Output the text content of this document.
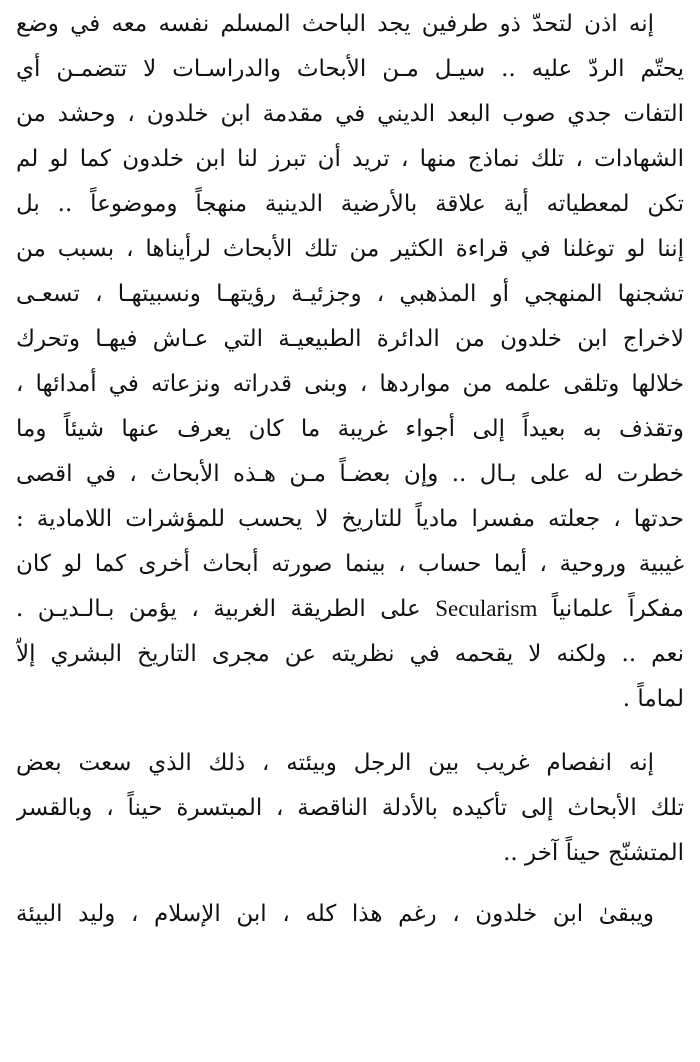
إنه اذن لتحدّ ذو طرفين يجد الباحث المسلم نفسه معه في وضع
يحتّم الردّ عليه .. سيـل مـن الأبحاث والدراسـات لا تتضمـن أي
التفات جدي صوب البعد الديني في مقدمة ابن خلدون ، وحشد من
الشهادات ، تلك نماذج منها ، تريد أن تبرز لنا ابن خلدون كما لو لم
تكن لمعطياته أية علاقة بالأرضية الدينية منهجاً وموضوعاً .. بل
إننا لو توغلنا في قراءة الكثير من تلك الأبحاث لرأيناها ، بسبب من
تشجنها المنهجي أو المذهبي ، وجزئيـة رؤيتهـا ونسبيتهـا ، تسعـى
لاخراج ابن خلدون من الدائرة الطبيعيـة التي عـاش فيهـا وتحرك
خلالها وتلقى علمه من مواردها ، وبنى قدراته ونزعاته في أمدائها ،
وتقذف به بعيداً إلى أجواء غريبة ما كان يعرف عنها شيئاً وما
خطرت له على بـال .. وإن بعضـاً مـن هـذه الأبحاث ، في اقصى
حدتها ، جعلته مفسرا مادياً للتاريخ لا يحسب للمؤشرات اللامادية :
غيبية وروحية ، أيما حساب ، بينما صورته أبحاث أخرى كما لو كان
مفكراً علمانياً Secularism على الطريقة الغربية ، يؤمن بـالـديـن .
نعم .. ولكنه لا يقحمه في نظريته عن مجرى التاريخ البشري إلاّ
لماماً .
إنه انفصام غريب بين الرجل وبيئته ، ذلك الذي سعت بعض
تلك الأبحاث إلى تأكيده بالأدلة الناقصة ، المبتسرة حيناً ، وبالقسر
المتشنّج حيناً آخر ..
ويبقىٰ ابن خلدون ، رغم هذا كله ، ابن الإسلام ، وليد البيئة
